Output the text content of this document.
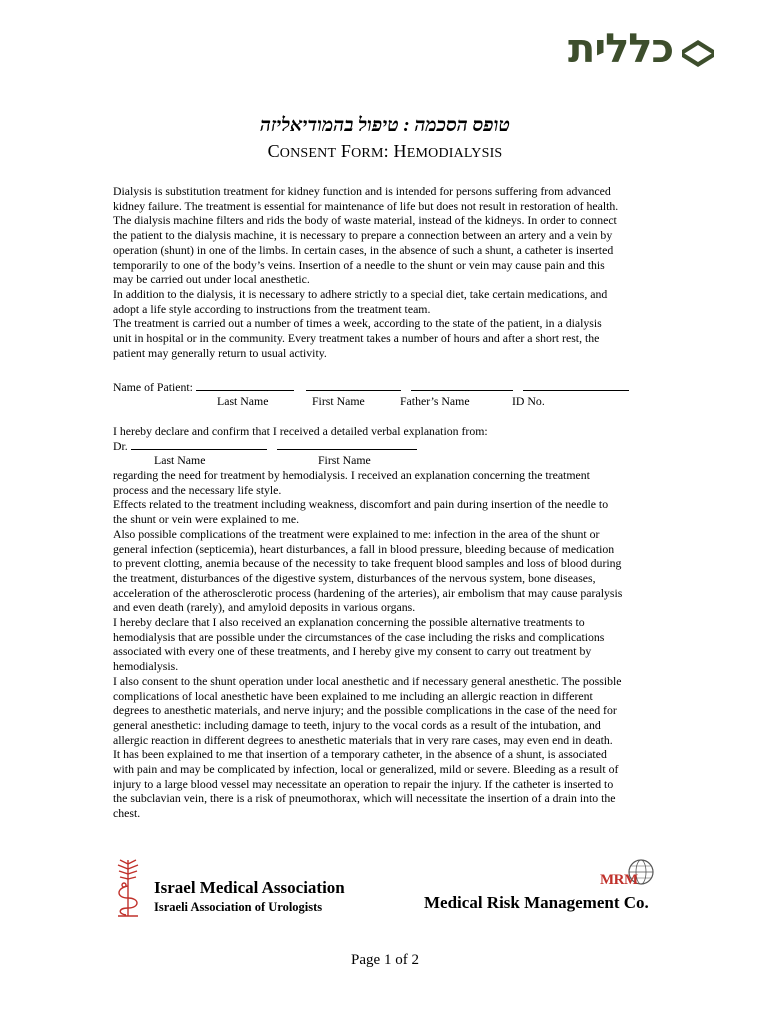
כללית
טופס הסכמה : טיפול בהמודיאליזה
CONSENT FORM: HEMODIALYSIS

Dialysis is substitution treatment for kidney function and is intended for persons suffering from advanced

kidney failure. The treatment is essential for maintenance of life but does not result in restoration of health.

The dialysis machine filters and rids the body of waste material, instead of the kidneys. In order to connect

the patient to the dialysis machine, it is necessary to prepare a connection between an artery and a vein by

operation (shunt) in one of the limbs. In certain cases, in the absence of such a shunt, a catheter is inserted

temporarily to one of the body’s veins. Insertion of a needle to the shunt or vein may cause pain and this

may be carried out under local anesthetic.

In addition to the dialysis, it is necessary to adhere strictly to a special diet, take certain medications, and

adopt a life style according to instructions from the treatment team.

The treatment is carried out a number of times a week, according to the state of the patient, in a dialysis

unit in hospital or in the community. Every treatment takes a number of hours and after a short rest, the

patient may generally return to usual activity.

Name of Patient:
Last Name	First Name	Father’s Name	ID No.
I hereby declare and confirm that I received a detailed verbal explanation from:
Dr.
Last Name	First Name

regarding the need for treatment by hemodialysis. I received an explanation concerning the treatment

process and the necessary life style.

Effects related to the treatment including weakness, discomfort and pain during insertion of the needle to

the shunt or vein were explained to me.

Also possible complications of the treatment were explained to me: infection in the area of the shunt or

general infection (septicemia), heart disturbances, a fall in blood pressure, bleeding because of medication

to prevent clotting, anemia because of the necessity to take frequent blood samples and loss of blood during

the treatment, disturbances of the digestive system, disturbances of the nervous system, bone diseases,

acceleration of the atherosclerotic process (hardening of the arteries), air embolism that may cause paralysis

and even death (rarely), and amyloid deposits in various organs.

I hereby declare that I also received an explanation concerning the possible alternative treatments to

hemodialysis that are possible under the circumstances of the case including the risks and complications

associated with every one of these treatments, and I hereby give my consent to carry out treatment by

hemodialysis.

I also consent to the shunt operation under local anesthetic and if necessary general anesthetic. The possible

complications of local anesthetic have been explained to me including an allergic reaction in different

degrees to anesthetic materials, and nerve injury; and the possible complications in the case of the need for

general anesthetic: including damage to teeth, injury to the vocal cords as a result of the intubation, and

allergic reaction in different degrees to anesthetic materials that in very rare cases, may even end in death.

It has been explained to me that insertion of a temporary catheter, in the absence of a shunt, is associated

with pain and may be complicated by infection, local or generalized, mild or severe. Bleeding as a result of

injury to a large blood vessel may necessitate an operation to repair the injury. If the catheter is inserted to

the subclavian vein, there is a risk of pneumothorax, which will necessitate the insertion of a drain into the

chest.

Israel Medical Association
Israeli Association of Urologists
MRM
Medical Risk Management Co.
Page 1 of 2
